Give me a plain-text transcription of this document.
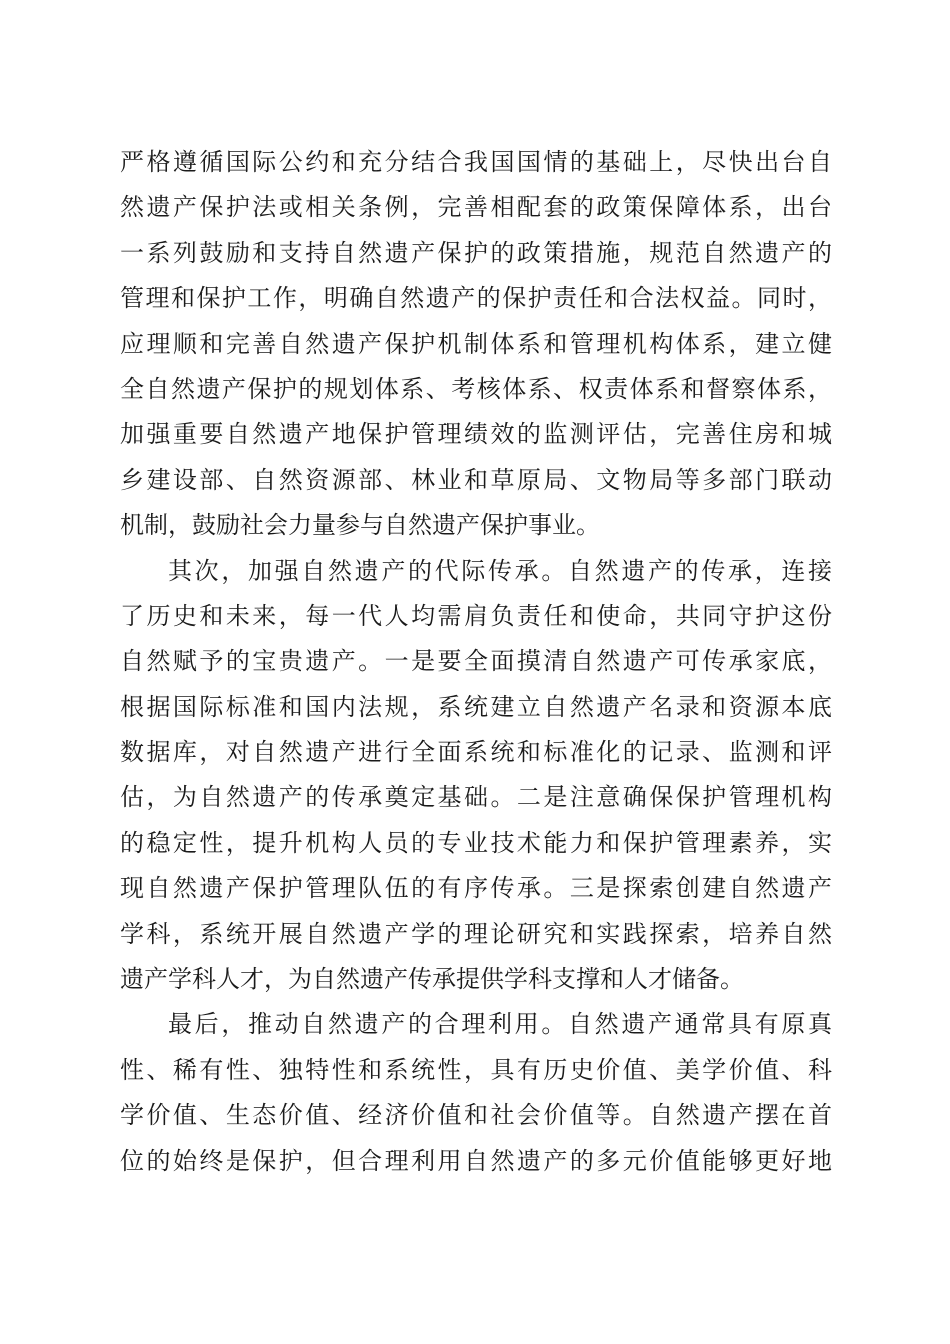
严格遵循国际公约和充分结合我国国情的基础上，尽快出台自
然遗产保护法或相关条例，完善相配套的政策保障体系，出台
一系列鼓励和支持自然遗产保护的政策措施，规范自然遗产的
管理和保护工作，明确自然遗产的保护责任和合法权益。同时，
应理顺和完善自然遗产保护机制体系和管理机构体系，建立健
全自然遗产保护的规划体系、考核体系、权责体系和督察体系，
加强重要自然遗产地保护管理绩效的监测评估，完善住房和城
乡建设部、自然资源部、林业和草原局、文物局等多部门联动
机制，鼓励社会力量参与自然遗产保护事业。
其次，加强自然遗产的代际传承。自然遗产的传承，连接
了历史和未来，每一代人均需肩负责任和使命，共同守护这份
自然赋予的宝贵遗产。一是要全面摸清自然遗产可传承家底，
根据国际标准和国内法规，系统建立自然遗产名录和资源本底
数据库，对自然遗产进行全面系统和标准化的记录、监测和评
估，为自然遗产的传承奠定基础。二是注意确保保护管理机构
的稳定性，提升机构人员的专业技术能力和保护管理素养，实
现自然遗产保护管理队伍的有序传承。三是探索创建自然遗产
学科，系统开展自然遗产学的理论研究和实践探索，培养自然
遗产学科人才，为自然遗产传承提供学科支撑和人才储备。
最后，推动自然遗产的合理利用。自然遗产通常具有原真
性、稀有性、独特性和系统性，具有历史价值、美学价值、科
学价值、生态价值、经济价值和社会价值等。自然遗产摆在首
位的始终是保护，但合理利用自然遗产的多元价值能够更好地
